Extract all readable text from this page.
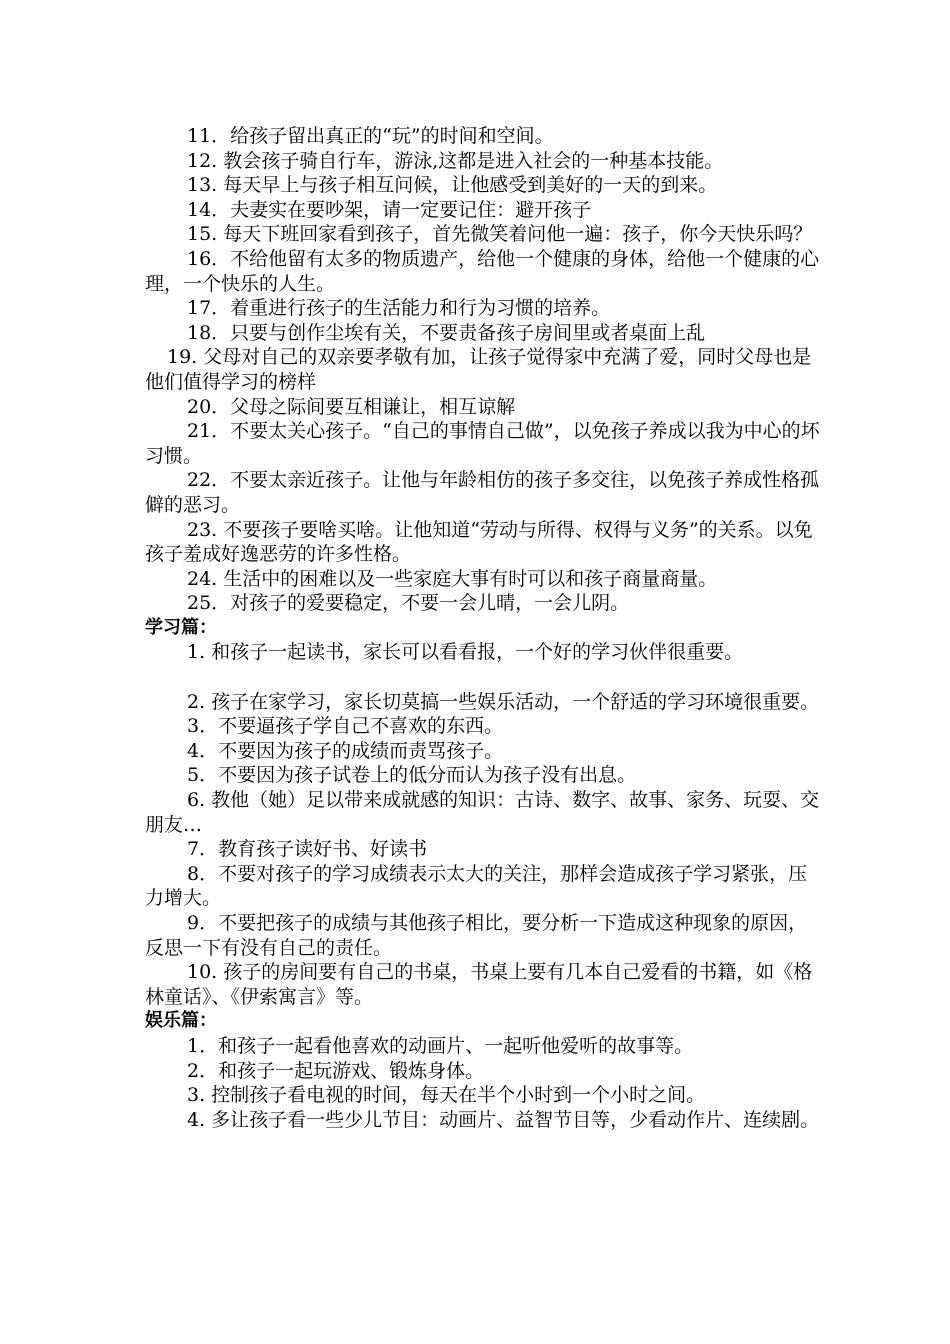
11．给孩子留出真正的“玩”的时间和空间。

12. 教会孩子骑自行车，游泳,这都是进入社会的一种基本技能。

13. 每天早上与孩子相互问候，让他感受到美好的一天的到来。

14．夫妻实在要吵架，请一定要记住：避开孩子

15. 每天下班回家看到孩子，首先微笑着问他一遍：孩子，你今天快乐吗？

16．不给他留有太多的物质遗产，给他一个健康的身体，给他一个健康的心理，一个快乐的人生。

17．着重进行孩子的生活能力和行为习惯的培养。

18．只要与创作尘埃有关，不要责备孩子房间里或者桌面上乱

19. 父母对自己的双亲要孝敬有加，让孩子觉得家中充满了爱，同时父母也是他们值得学习的榜样

20．父母之际间要互相谦让，相互谅解

21．不要太关心孩子。“自己的事情自己做”，以免孩子养成以我为中心的坏习惯。

22．不要太亲近孩子。让他与年龄相仿的孩子多交往，以免孩子养成性格孤僻的恶习。

23. 不要孩子要啥买啥。让他知道“劳动与所得、权得与义务”的关系。以免孩子羞成好逸恶劳的许多性格。

24. 生活中的困难以及一些家庭大事有时可以和孩子商量商量。

25．对孩子的爱要稳定，不要一会儿晴，一会儿阴。

学习篇：

1. 和孩子一起读书，家长可以看看报，一个好的学习伙伴很重要。

2. 孩子在家学习，家长切莫搞一些娱乐活动，一个舒适的学习环境很重要。

3．不要逼孩子学自己不喜欢的东西。

4．不要因为孩子的成绩而责骂孩子。

5．不要因为孩子试卷上的低分而认为孩子没有出息。

6. 教他（她）足以带来成就感的知识：古诗、数字、故事、家务、玩耍、交朋友…

7．教育孩子读好书、好读书

8．不要对孩子的学习成绩表示太大的关注，那样会造成孩子学习紧张，压力增大。

9．不要把孩子的成绩与其他孩子相比，要分析一下造成这种现象的原因，反思一下有没有自己的责任。

10. 孩子的房间要有自己的书桌，书桌上要有几本自己爱看的书籍，如《格林童话》、《伊索寓言》等。

娱乐篇：

1．和孩子一起看他喜欢的动画片、一起听他爱听的故事等。

2．和孩子一起玩游戏、锻炼身体。

3. 控制孩子看电视的时间，每天在半个小时到一个小时之间。

4. 多让孩子看一些少儿节目：动画片、益智节目等，少看动作片、连续剧。
